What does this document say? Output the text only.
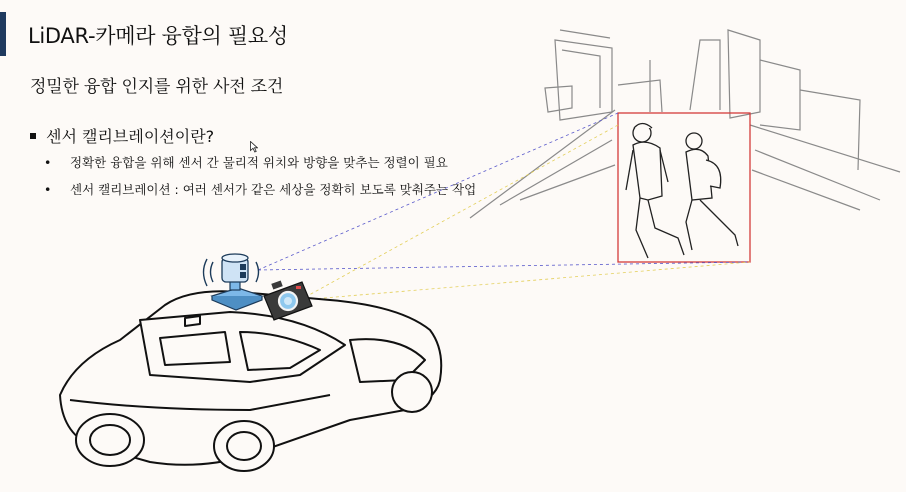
LiDAR-카메라 융합의 필요성
정밀한 융합 인지를 위한 사전 조건
센서 캘리브레이션이란?
• 정확한 융합을 위해 센서 간 물리적 위치와 방향을 맞추는 정렬이 필요
• 센서 캘리브레이션 : 여러 센서가 같은 세상을 정확히 보도록 맞춰주는 작업
